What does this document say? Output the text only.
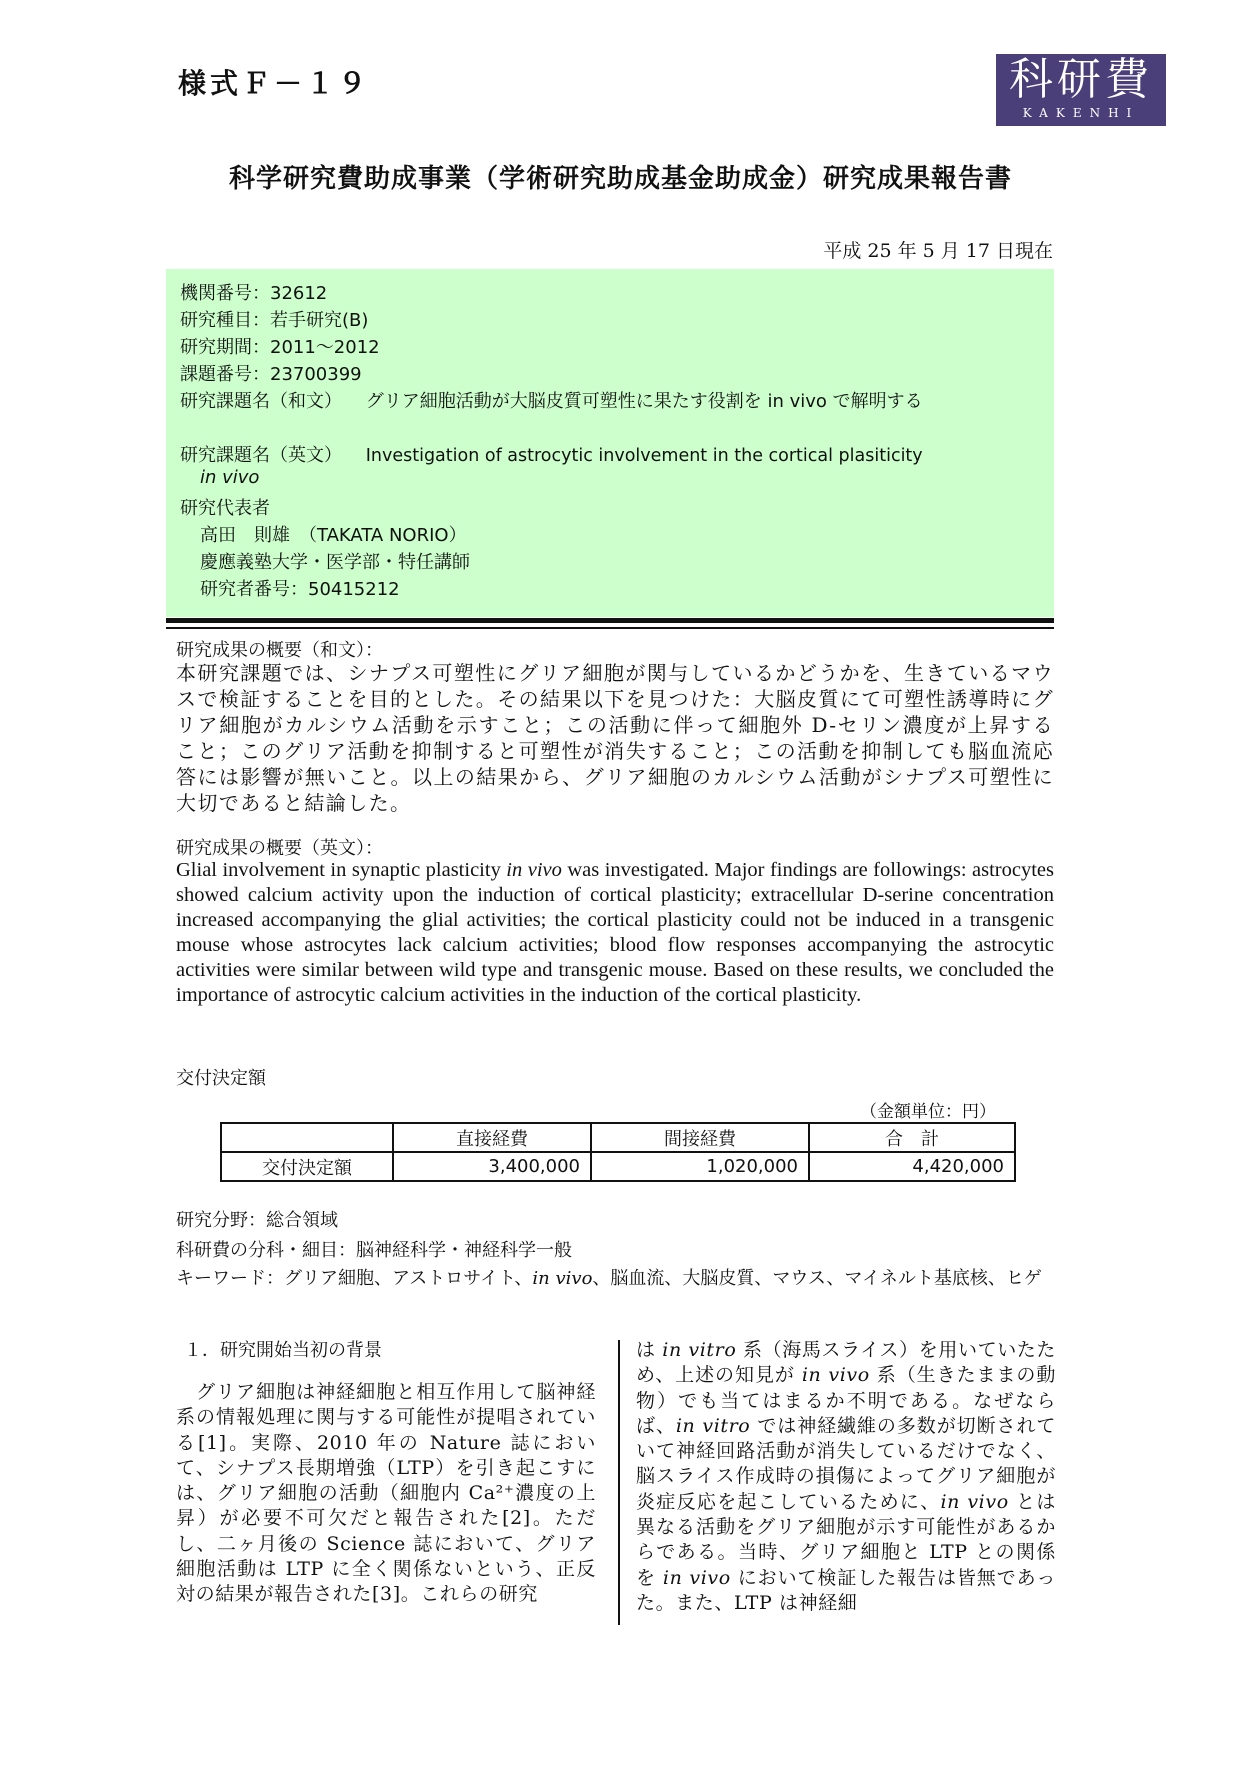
様式Ｆ－１９	科研費
KAKENHI
科学研究費助成事業（学術研究助成基金助成金）研究成果報告書
平成 25 年 5 月 17 日現在
機関番号：32612
研究種目：若手研究(B)
研究期間：2011～2012
課題番号：23700399
研究課題名（和文） グリア細胞活動が大脳皮質可塑性に果たす役割を in vivo で解明する
研究課題名（英文） Investigation of astrocytic involvement in the cortical plasiticity
in vivo
研究代表者
高田　則雄　（TAKATA NORIO）
慶應義塾大学・医学部・特任講師
研究者番号：50415212
研究成果の概要（和文）：
本研究課題では、シナプス可塑性にグリア細胞が関与しているかどうかを、生きているマウスで検証することを目的とした。その結果以下を見つけた：大脳皮質にて可塑性誘導時にグリア細胞がカルシウム活動を示すこと；この活動に伴って細胞外 D-セリン濃度が上昇すること；このグリア活動を抑制すると可塑性が消失すること；この活動を抑制しても脳血流応答には影響が無いこと。以上の結果から、グリア細胞のカルシウム活動がシナプス可塑性に大切であると結論した。
研究成果の概要（英文）：
Glial involvement in synaptic plasticity in vivo was investigated. Major findings are followings: astrocytes showed calcium activity upon the induction of cortical plasticity; extracellular D-serine concentration increased accompanying the glial activities; the cortical plasticity could not be induced in a transgenic mouse whose astrocytes lack calcium activities; blood flow responses accompanying the astrocytic activities were similar between wild type and transgenic mouse. Based on these results, we concluded the importance of astrocytic calcium activities in the induction of the cortical plasticity.
交付決定額
（金額単位：円）
	直接経費	間接経費	合　計
交付決定額	3,400,000	1,020,000	4,420,000
研究分野：総合領域
科研費の分科・細目：脳神経科学・神経科学一般
キーワード：グリア細胞、アストロサイト、in vivo、脳血流、大脳皮質、マウス、マイネルト基底核、ヒゲ
１．研究開始当初の背景
　グリア細胞は神経細胞と相互作用して脳神経系の情報処理に関与する可能性が提唱されている[1]。実際、2010 年の Nature 誌において、シナプス長期増強（LTP）を引き起こすには、グリア細胞の活動（細胞内 Ca²⁺濃度の上昇）が必要不可欠だと報告された[2]。ただし、二ヶ月後の Science 誌において、グリア細胞活動は LTP に全く関係ないという、正反対の結果が報告された[3]。これらの研究
は in vitro 系（海馬スライス）を用いていたため、上述の知見が in vivo 系（生きたままの動物）でも当てはまるか不明である。なぜならば、in vitro では神経繊維の多数が切断されていて神経回路活動が消失しているだけでなく、脳スライス作成時の損傷によってグリア細胞が炎症反応を起こしているために、in vivo とは異なる活動をグリア細胞が示す可能性があるからである。当時、グリア細胞と LTP との関係を in vivo において検証した報告は皆無であった。また、LTP は神経細
